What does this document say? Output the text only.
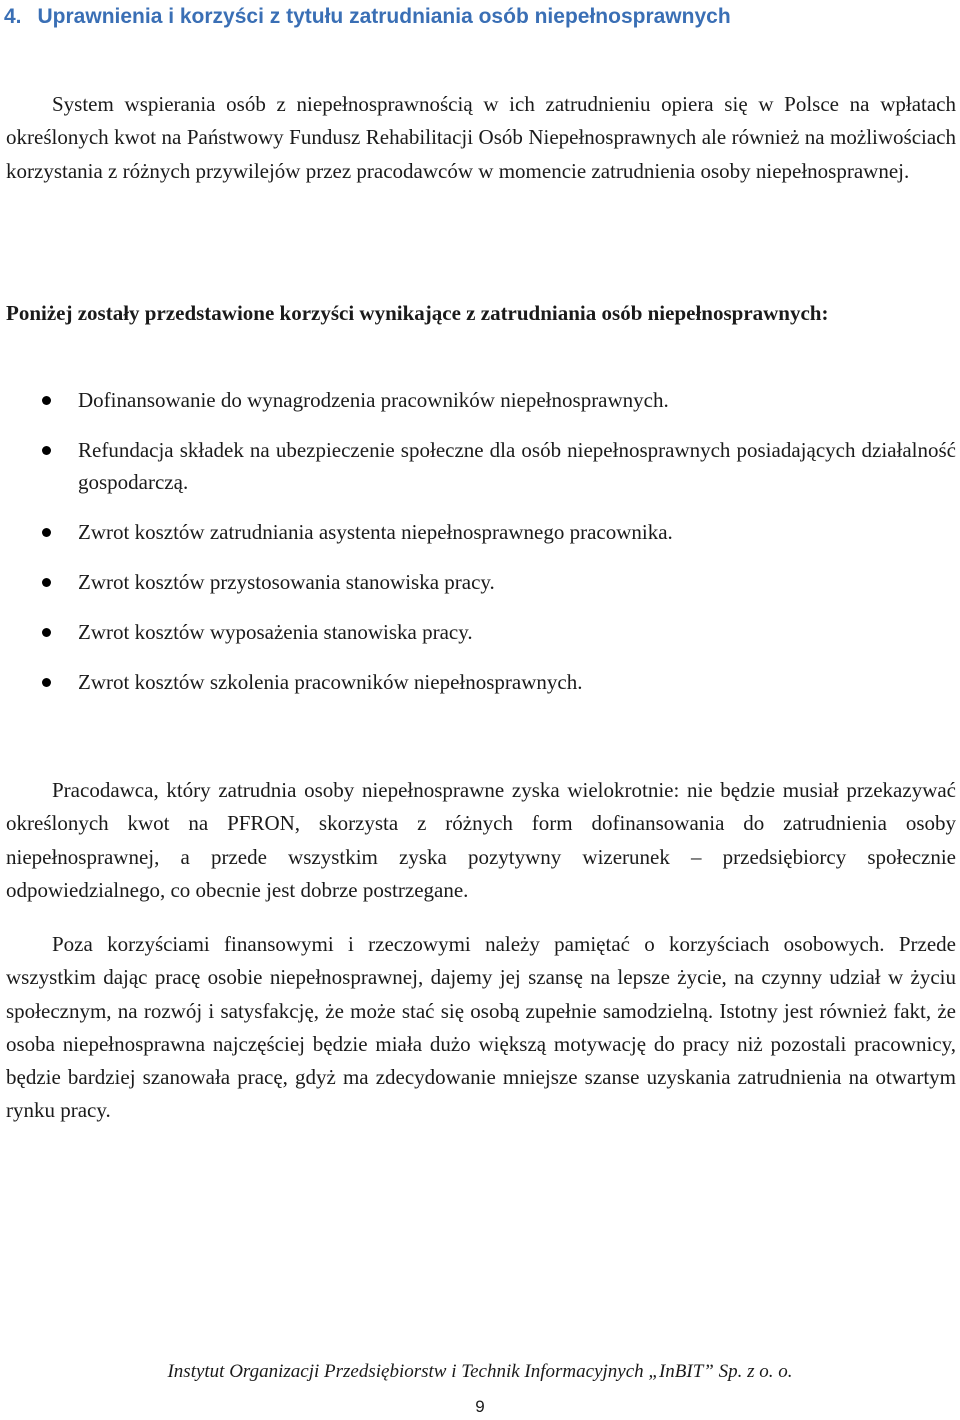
4. Uprawnienia i korzyści z tytułu zatrudniania osób niepełnosprawnych

System wspierania osób z niepełnosprawnością w ich zatrudnieniu opiera się w Polsce na wpłatach określonych kwot na Państwowy Fundusz Rehabilitacji Osób Niepełnosprawnych ale również na możliwościach korzystania z różnych przywilejów przez pracodawców w momencie zatrudnienia osoby niepełnosprawnej.

Poniżej zostały przedstawione korzyści wynikające z zatrudniania osób niepełnosprawnych:

Dofinansowanie do wynagrodzenia pracowników niepełnosprawnych.
Refundacja składek na ubezpieczenie społeczne dla osób niepełnosprawnych posiadających działalność gospodarczą.
Zwrot kosztów zatrudniania asystenta niepełnosprawnego pracownika.
Zwrot kosztów przystosowania stanowiska pracy.
Zwrot kosztów wyposażenia stanowiska pracy.
Zwrot kosztów szkolenia pracowników niepełnosprawnych.

Pracodawca, który zatrudnia osoby niepełnosprawne zyska wielokrotnie: nie będzie musiał przekazywać określonych kwot na PFRON, skorzysta z różnych form dofinansowania do zatrudnienia osoby niepełnosprawnej, a przede wszystkim zyska pozytywny wizerunek – przedsiębiorcy społecznie odpowiedzialnego, co obecnie jest dobrze postrzegane.

Poza korzyściami finansowymi i rzeczowymi należy pamiętać o korzyściach osobowych. Przede wszystkim dając pracę osobie niepełnosprawnej, dajemy jej szansę na lepsze życie, na czynny udział w życiu społecznym, na rozwój i satysfakcję, że może stać się osobą zupełnie samodzielną. Istotny jest również fakt, że osoba niepełnosprawna najczęściej będzie miała dużo większą motywację do pracy niż pozostali pracownicy, będzie bardziej szanowała pracę, gdyż ma zdecydowanie mniejsze szanse uzyskania zatrudnienia na otwartym rynku pracy.

Instytut Organizacji Przedsiębiorstw i Technik Informacyjnych „InBIT” Sp. z o. o.
9
